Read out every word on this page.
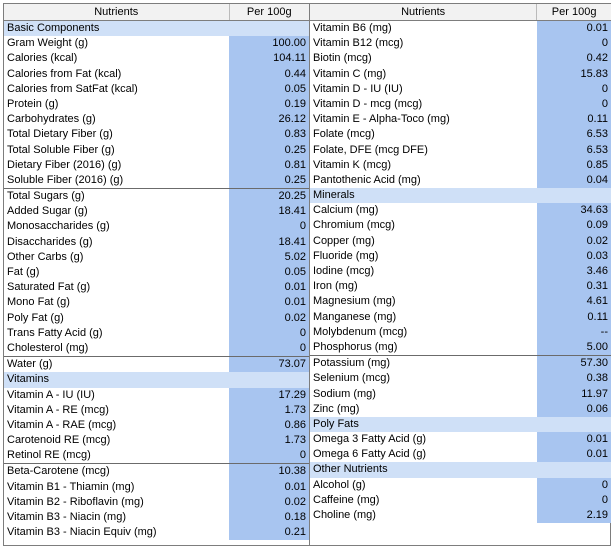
Nutrients	Per 100g
Basic Components
Gram Weight (g)	100.00
Calories (kcal)	104.11
Calories from Fat (kcal)	0.44
Calories from SatFat (kcal)	0.05
Protein (g)	0.19
Carbohydrates (g)	26.12
Total Dietary Fiber (g)	0.83
Total Soluble Fiber (g)	0.25
Dietary Fiber (2016) (g)	0.81
Soluble Fiber (2016) (g)	0.25
Total Sugars (g)	20.25
Added Sugar (g)	18.41
Monosaccharides (g)	0
Disaccharides (g)	18.41
Other Carbs (g)	5.02
Fat (g)	0.05
Saturated Fat (g)	0.01
Mono Fat (g)	0.01
Poly Fat (g)	0.02
Trans Fatty Acid (g)	0
Cholesterol (mg)	0
Water (g)	73.07
Vitamins
Vitamin A - IU (IU)	17.29
Vitamin A - RE (mcg)	1.73
Vitamin A - RAE (mcg)	0.86
Carotenoid RE (mcg)	1.73
Retinol RE (mcg)	0
Beta-Carotene (mcg)	10.38
Vitamin B1 - Thiamin (mg)	0.01
Vitamin B2 - Riboflavin (mg)	0.02
Vitamin B3 - Niacin (mg)	0.18
Vitamin B3 - Niacin Equiv (mg)	0.21
Nutrients	Per 100g
Vitamin B6 (mg)	0.01
Vitamin B12 (mcg)	0
Biotin (mcg)	0.42
Vitamin C (mg)	15.83
Vitamin D - IU (IU)	0
Vitamin D - mcg (mcg)	0
Vitamin E - Alpha-Toco (mg)	0.11
Folate (mcg)	6.53
Folate, DFE (mcg DFE)	6.53
Vitamin K (mcg)	0.85
Pantothenic Acid (mg)	0.04
Minerals
Calcium (mg)	34.63
Chromium (mcg)	0.09
Copper (mg)	0.02
Fluoride (mg)	0.03
Iodine (mcg)	3.46
Iron (mg)	0.31
Magnesium (mg)	4.61
Manganese (mg)	0.11
Molybdenum (mcg)	--
Phosphorus (mg)	5.00
Potassium (mg)	57.30
Selenium (mcg)	0.38
Sodium (mg)	11.97
Zinc (mg)	0.06
Poly Fats
Omega 3 Fatty Acid (g)	0.01
Omega 6 Fatty Acid (g)	0.01
Other Nutrients
Alcohol (g)	0
Caffeine (mg)	0
Choline (mg)	2.19
